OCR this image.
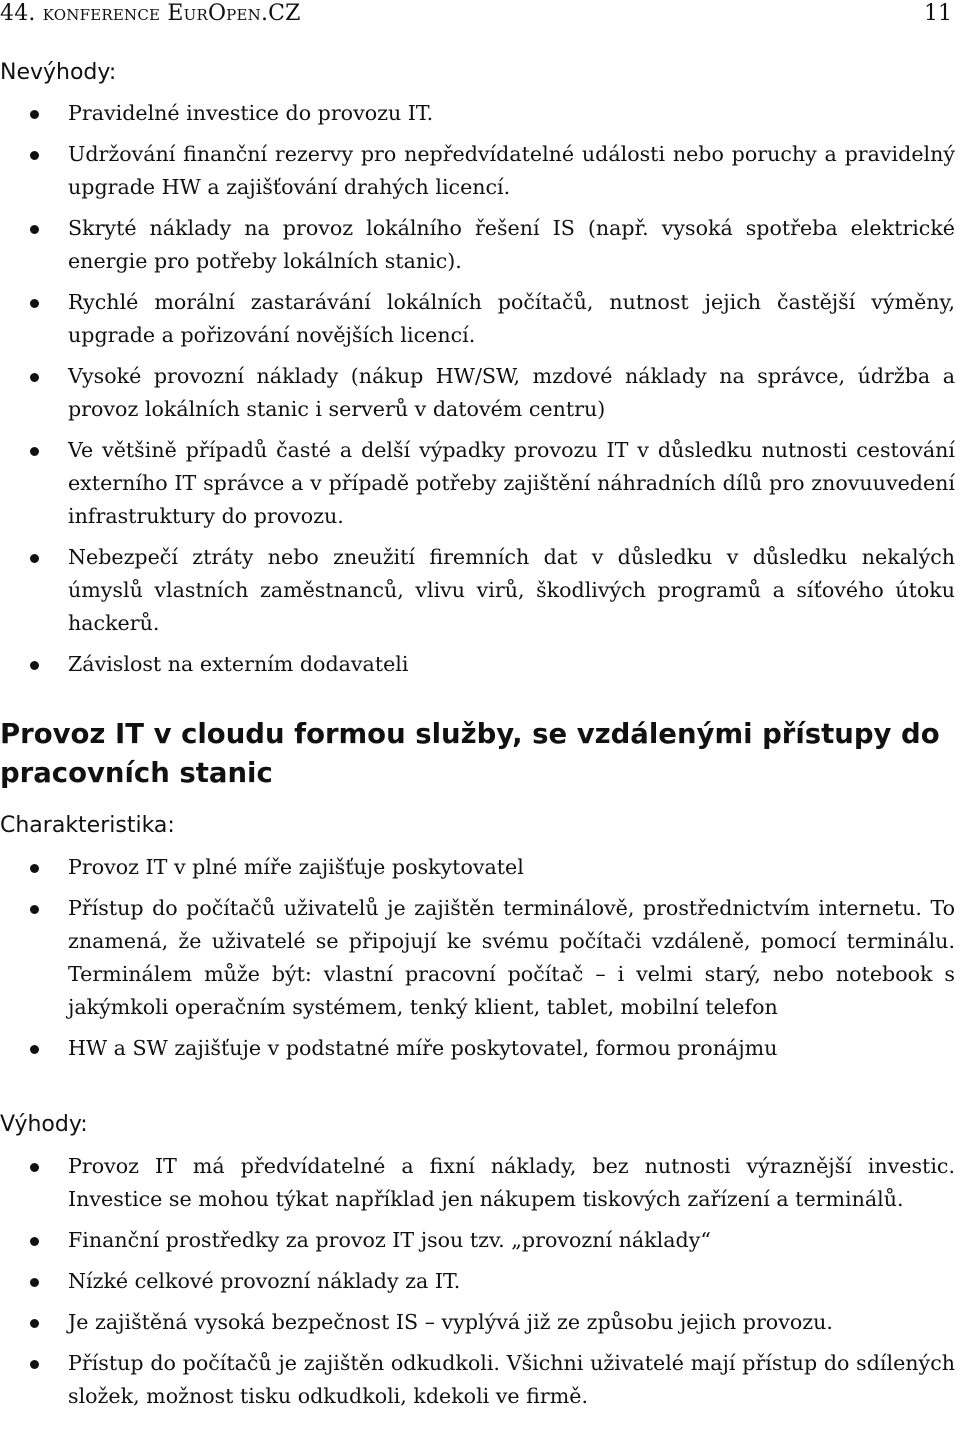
44. konference EurOpen.CZ	11
Nevýhody:
Pravidelné investice do provozu IT.
Udržování finanční rezervy pro nepředvídatelné události nebo poruchy a pravidelný upgrade HW a zajišťování drahých licencí.
Skryté náklady na provoz lokálního řešení IS (např. vysoká spotřeba elektrické energie pro potřeby lokálních stanic).
Rychlé morální zastarávání lokálních počítačů, nutnost jejich častější výměny, upgrade a pořizování novějších licencí.
Vysoké provozní náklady (nákup HW/SW, mzdové náklady na správce, údržba a provoz lokálních stanic i serverů v datovém centru)
Ve většině případů časté a delší výpadky provozu IT v důsledku nutnosti cestování externího IT správce a v případě potřeby zajištění náhradních dílů pro znovuuvedení infrastruktury do provozu.
Nebezpečí ztráty nebo zneužití firemních dat v důsledku v důsledku nekalých úmyslů vlastních zaměstnanců, vlivu virů, škodlivých programů a síťového útoku hackerů.
Závislost na externím dodavateli
Provoz IT v cloudu formou služby, se vzdálenými přístupy do pracovních stanic
Charakteristika:
Provoz IT v plné míře zajišťuje poskytovatel
Přístup do počítačů uživatelů je zajištěn terminálově, prostřednictvím internetu. To znamená, že uživatelé se připojují ke svému počítači vzdáleně, pomocí terminálu. Terminálem může být: vlastní pracovní počítač – i velmi starý, nebo notebook s jakýmkoli operačním systémem, tenký klient, tablet, mobilní telefon
HW a SW zajišťuje v podstatné míře poskytovatel, formou pronájmu
Výhody:
Provoz IT má předvídatelné a fixní náklady, bez nutnosti výraznější investic. Investice se mohou týkat například jen nákupem tiskových zařízení a terminálů.
Finanční prostředky za provoz IT jsou tzv. „provozní náklady“
Nízké celkové provozní náklady za IT.
Je zajištěná vysoká bezpečnost IS – vyplývá již ze způsobu jejich provozu.
Přístup do počítačů je zajištěn odkudkoli. Všichni uživatelé mají přístup do sdílených složek, možnost tisku odkudkoli, kdekoli ve firmě.
